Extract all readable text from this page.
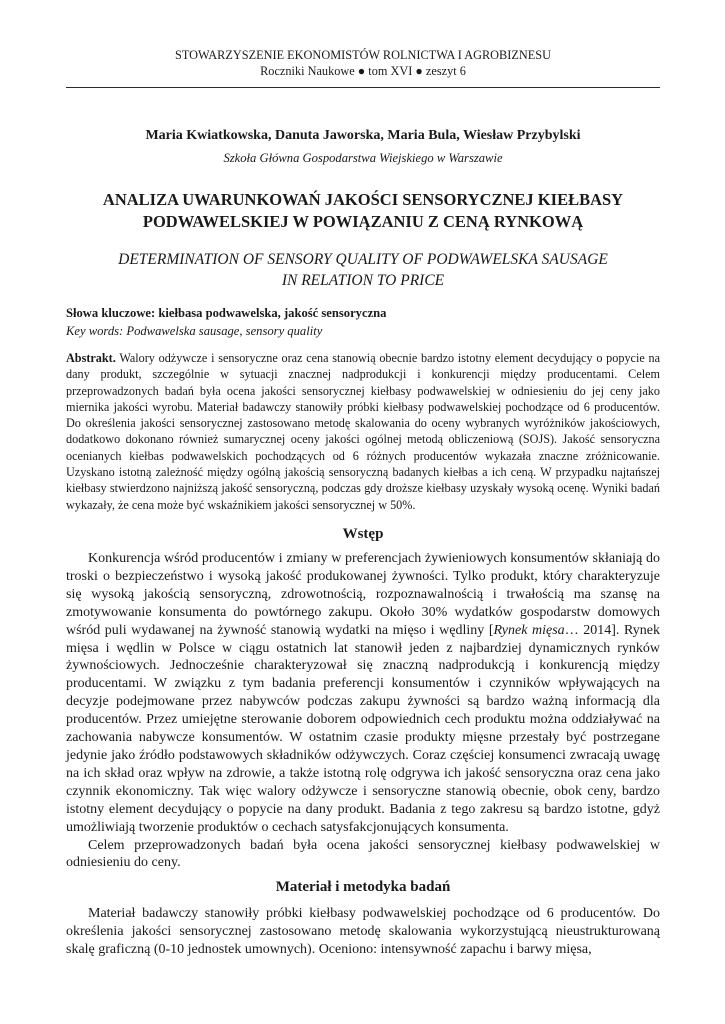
STOWARZYSZENIE EKONOMISTÓW ROLNICTWA I AGROBIZNESU
Roczniki Naukowe ● tom XVI ● zeszyt 6
Maria Kwiatkowska, Danuta Jaworska, Maria Bula, Wiesław Przybylski
Szkoła Główna Gospodarstwa Wiejskiego w Warszawie
ANALIZA UWARUNKOWAŃ JAKOŚCI SENSORYCZNEJ KIEŁBASY
PODWAWELSKIEJ W POWIĄZANIU Z CENĄ RYNKOWĄ
DETERMINATION OF SENSORY QUALITY OF PODWAWELSKA SAUSAGE
IN RELATION TO PRICE
Słowa kluczowe: kiełbasa podwawelska, jakość sensoryczna
Key words: Podwawelska sausage, sensory quality
Abstrakt. Walory odżywcze i sensoryczne oraz cena stanowią obecnie bardzo istotny element decydujący o popycie na dany produkt, szczególnie w sytuacji znacznej nadprodukcji i konkurencji między producentami. Celem przeprowadzonych badań była ocena jakości sensorycznej kiełbasy podwawelskiej w odniesieniu do jej ceny jako miernika jakości wyrobu. Materiał badawczy stanowiły próbki kiełbasy podwawelskiej pochodzące od 6 producentów. Do określenia jakości sensorycznej zastosowano metodę skalowania do oceny wybranych wyróżników jakościowych, dodatkowo dokonano również sumarycznej oceny jakości ogólnej metodą obliczeniową (SOJS). Jakość sensoryczna ocenianych kiełbas podwawelskich pochodzących od 6 różnych producentów wykazała znaczne zróżnicowanie. Uzyskano istotną zależność między ogólną jakością sensoryczną badanych kiełbas a ich ceną. W przypadku najtańszej kiełbasy stwierdzono najniższą jakość sensoryczną, podczas gdy droższe kiełbasy uzyskały wysoką ocenę. Wyniki badań wykazały, że cena może być wskaźnikiem jakości sensorycznej w 50%.
Wstęp

Konkurencja wśród producentów i zmiany w preferencjach żywieniowych konsumentów skłaniają do troski o bezpieczeństwo i wysoką jakość produkowanej żywności. Tylko produkt, który charakteryzuje się wysoką jakością sensoryczną, zdrowotnością, rozpoznawalnością i trwałością ma szansę na zmotywowanie konsumenta do powtórnego zakupu. Około 30% wydatków gospodarstw domowych wśród puli wydawanej na żywność stanowią wydatki na mięso i wędliny [Rynek mięsa… 2014]. Rynek mięsa i wędlin w Polsce w ciągu ostatnich lat stanowił jeden z najbardziej dynamicznych rynków żywnościowych. Jednocześnie charakteryzował się znaczną nadprodukcją i konkurencją między producentami. W związku z tym badania preferencji konsumentów i czynników wpływających na decyzje podejmowane przez nabywców podczas zakupu żywności są bardzo ważną informacją dla producentów. Przez umiejętne sterowanie doborem odpowiednich cech produktu można oddziaływać na zachowania nabywcze konsumentów. W ostatnim czasie produkty mięsne przestały być postrzegane jedynie jako źródło podstawowych składników odżywczych. Coraz częściej konsumenci zwracają uwagę na ich skład oraz wpływ na zdrowie, a także istotną rolę odgrywa ich jakość sensoryczna oraz cena jako czynnik ekonomiczny. Tak więc walory odżywcze i sensoryczne stanowią obecnie, obok ceny, bardzo istotny element decydujący o popycie na dany produkt. Badania z tego zakresu są bardzo istotne, gdyż umożliwiają tworzenie produktów o cechach satysfakcjonujących konsumenta.

Celem przeprowadzonych badań była ocena jakości sensorycznej kiełbasy podwawelskiej w odniesieniu do ceny.

Materiał i metodyka badań

Materiał badawczy stanowiły próbki kiełbasy podwawelskiej pochodzące od 6 producentów. Do określenia jakości sensorycznej zastosowano metodę skalowania wykorzystującą nieustrukturowaną skalę graficzną (0-10 jednostek umownych). Oceniono: intensywność zapachu i barwy mięsa,
